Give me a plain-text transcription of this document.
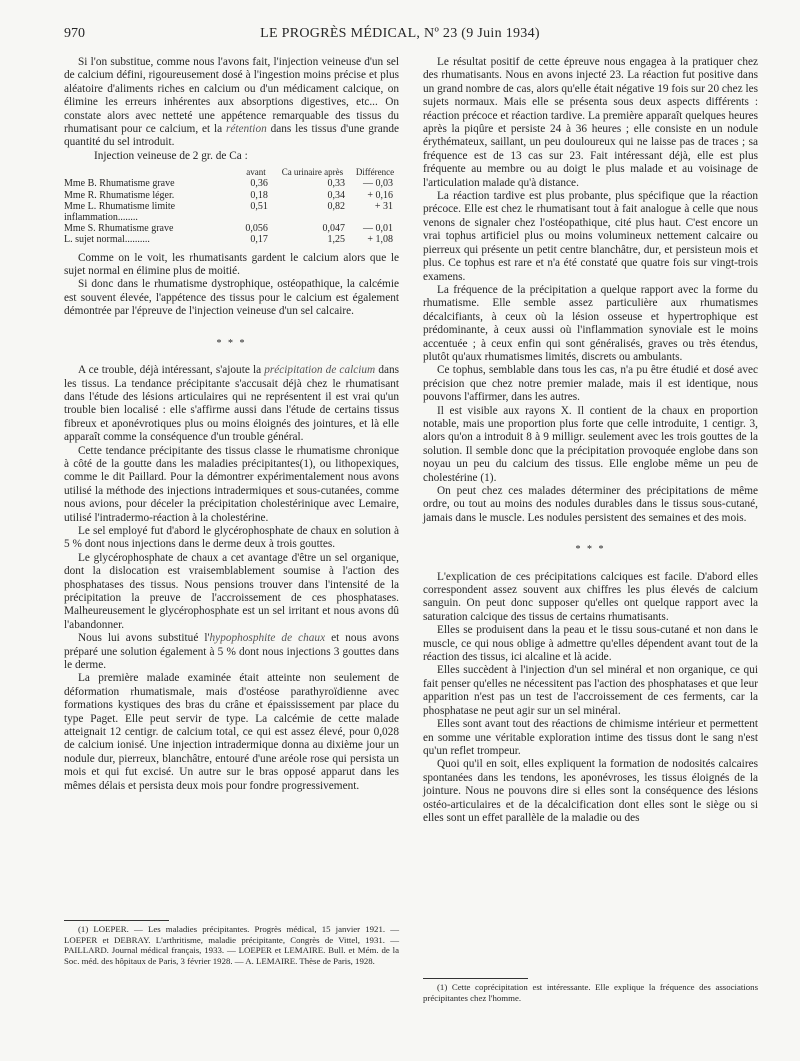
970	LE PROGRÈS MÉDICAL, Nº 23 (9 Juin 1934)

Si l'on substitue, comme nous l'avons fait, l'injection veineuse d'un sel de calcium défini, rigoureusement dosé à l'ingestion moins précise et plus aléatoire d'aliments riches en calcium ou d'un médicament calcique, on élimine les erreurs inhérentes aux absorptions digestives, etc... On constate alors avec netteté une appétence remarquable des tissus du rhumatisant pour ce calcium, et la rétention dans les tissus d'une grande quantité du sel introduit.

Injection veineuse de 2 gr. de Ca :

	avant	Ca urinaire après	Différence
Mme B. Rhumatisme grave	0,36	0,33	— 0,03
Mme R. Rhumatisme léger.	0,18	0,34	+ 0,16
Mme L. Rhumatisme limite inflammation........	0,51	0,82	+ 31
Mme S. Rhumatisme grave	0,056	0,047	— 0,01
L. sujet normal..........	0,17	1,25	+ 1,08

Comme on le voit, les rhumatisants gardent le calcium alors que le sujet normal en élimine plus de moitié.

Si donc dans le rhumatisme dystrophique, ostéopathique, la calcémie est souvent élevée, l'appétence des tissus pour le calcium est également démontrée par l'épreuve de l'injection veineuse d'un sel calcaire.

* * *

A ce trouble, déjà intéressant, s'ajoute la précipitation de calcium dans les tissus. La tendance précipitante s'accusait déjà chez le rhumatisant dans l'étude des lésions articulaires qui ne représentent il est vrai qu'un trouble bien localisé : elle s'affirme aussi dans l'étude de certains tissus fibreux et aponévrotiques plus ou moins éloignés des jointures, et là elle apparaît comme la conséquence d'un trouble général.

Cette tendance précipitante des tissus classe le rhumatisme chronique à côté de la goutte dans les maladies précipitantes(1), ou lithopexiques, comme le dit Paillard. Pour la démontrer expérimentalement nous avons utilisé la méthode des injections intradermiques et sous-cutanées, comme nous avions, pour déceler la précipitation cholestérinique avec Lemaire, utilisé l'intradermo-réaction à la cholestérine.

Le sel employé fut d'abord le glycérophosphate de chaux en solution à 5 % dont nous injections dans le derme deux à trois gouttes.

Le glycérophosphate de chaux a cet avantage d'être un sel organique, dont la dislocation est vraisemblablement soumise à l'action des phosphatases des tissus. Nous pensions trouver dans l'intensité de la précipitation la preuve de l'accroissement de ces phosphatases. Malheureusement le glycérophosphate est un sel irritant et nous avons dû l'abandonner.

Nous lui avons substitué l'hypophosphite de chaux et nous avons préparé une solution également à 5 % dont nous injections 3 gouttes dans le derme.

La première malade examinée était atteinte non seulement de déformation rhumatismale, mais d'ostéose parathyroïdienne avec formations kystiques des bras du crâne et épaississement par place du type Paget. Elle peut servir de type. La calcémie de cette malade atteignait 12 centigr. de calcium total, ce qui est assez élevé, pour 0,028 de calcium ionisé. Une injection intradermique donna au dixième jour un nodule dur, pierreux, blanchâtre, entouré d'une aréole rose qui persista un mois et qui fut excisé. Un autre sur le bras opposé apparut dans les mêmes délais et persista deux mois pour fondre progressivement.

Le résultat positif de cette épreuve nous engagea à la pratiquer chez des rhumatisants. Nous en avons injecté 23. La réaction fut positive dans un grand nombre de cas, alors qu'elle était négative 19 fois sur 20 chez les sujets normaux. Mais elle se présenta sous deux aspects différents : réaction précoce et réaction tardive. La première apparaît quelques heures après la piqûre et persiste 24 à 36 heures ; elle consiste en un nodule érythémateux, saillant, un peu douloureux qui ne laisse pas de traces ; sa fréquence est de 13 cas sur 23. Fait intéressant déjà, elle est plus fréquente au membre ou au doigt le plus malade et au voisinage de l'articulation malade qu'à distance.

La réaction tardive est plus probante, plus spécifique que la réaction précoce. Elle est chez le rhumatisant tout à fait analogue à celle que nous venons de signaler chez l'ostéopathique, cité plus haut. C'est encore un vrai tophus artificiel plus ou moins volumineux nettement calcaire ou pierreux qui présente un petit centre blanchâtre, dur, et persisteun mois et plus. Ce tophus est rare et n'a été constaté que quatre fois sur vingt-trois examens.

La fréquence de la précipitation a quelque rapport avec la forme du rhumatisme. Elle semble assez particulière aux rhumatismes décalcifiants, à ceux où la lésion osseuse et hypertrophique est prédominante, à ceux aussi où l'inflammation synoviale est le moins accentuée ; à ceux enfin qui sont généralisés, graves ou très étendus, plutôt qu'aux rhumatismes limités, discrets ou ambulants.

Ce tophus, semblable dans tous les cas, n'a pu être étudié et dosé avec précision que chez notre premier malade, mais il est identique, nous pouvons l'affirmer, dans les autres.

Il est visible aux rayons X. Il contient de la chaux en proportion notable, mais une proportion plus forte que celle introduite, 1 centigr. 3, alors qu'on a introduit 8 à 9 milligr. seulement avec les trois gouttes de la solution. Il semble donc que la précipitation provoquée englobe dans son noyau un peu du calcium des tissus. Elle englobe même un peu de cholestérine (1).

On peut chez ces malades déterminer des précipitations de même ordre, ou tout au moins des nodules durables dans le tissus sous-cutané, jamais dans le muscle. Les nodules persistent des semaines et des mois.

* * *

L'explication de ces précipitations calciques est facile. D'abord elles correspondent assez souvent aux chiffres les plus élevés de calcium sanguin. On peut donc supposer qu'elles ont quelque rapport avec la saturation calcique des tissus de certains rhumatisants.

Elles se produisent dans la peau et le tissu sous-cutané et non dans le muscle, ce qui nous oblige à admettre qu'elles dépendent avant tout de la réaction des tissus, ici alcaline et là acide.

Elles succèdent à l'injection d'un sel minéral et non organique, ce qui fait penser qu'elles ne nécessitent pas l'action des phosphatases et que leur apparition n'est pas un test de l'accroissement de ces ferments, car la phosphatase ne peut agir sur un sel minéral.

Elles sont avant tout des réactions de chimisme intérieur et permettent en somme une véritable exploration intime des tissus dont le sang n'est qu'un reflet trompeur.

Quoi qu'il en soit, elles expliquent la formation de nodosités calcaires spontanées dans les tendons, les aponévroses, les tissus éloignés de la jointure. Nous ne pouvons dire si elles sont la conséquence des lésions ostéo-articulaires et de la décalcification dont elles sont le siège ou si elles sont un effet parallèle de la maladie ou des

(1) LOEPER. — Les maladies précipitantes. Progrès médical, 15 janvier 1921. — LOEPER et DEBRAY. L'arthritisme, maladie précipitante, Congrès de Vittel, 1931. — PAILLARD. Journal médical français, 1933. — LOEPER et LEMAIRE. Bull. et Mém. de la Soc. méd. des hôpitaux de Paris, 3 février 1928. — A. LEMAIRE. Thèse de Paris, 1928.

(1) Cette coprécipitation est intéressante. Elle explique la fréquence des associations précipitantes chez l'homme.
